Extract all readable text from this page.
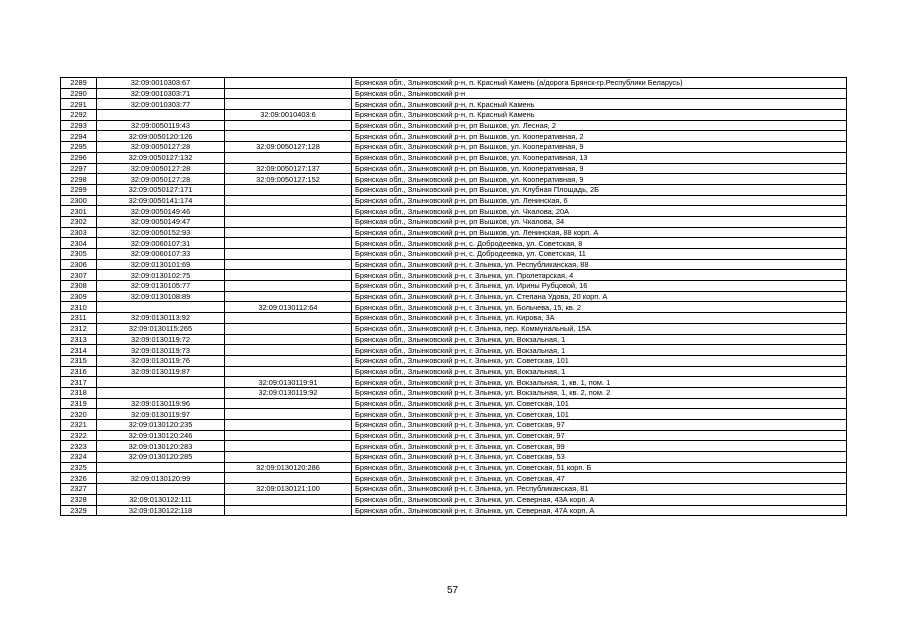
2289	32:09:0010303:67		Брянская обл., Злынковский р-н, п. Красный Камень (а/дорога Брянск-гр.Республики Беларусь)
2290	32:09:0010303:71		Брянская обл., Злынковский р-н
2291	32:09:0010303:77		Брянская обл., Злынковский р-н, п. Красный Камень
2292		32:09:0010403:6	Брянская обл., Злынковский р-н, п. Красный Камень
2293	32:09:0050119:43		Брянская обл., Злынковский р-н, рп Вышков, ул. Лесная, 2
2294	32:09:0050120:126		Брянская обл., Злынковский р-н, рп Вышков, ул. Кооперативная, 2
2295	32:09:0050127:28	32:09:0050127:128	Брянская обл., Злынковский р-н, рп Вышков, ул. Кооперативная, 9
2296	32:09:0050127:132		Брянская обл., Злынковский р-н, рп Вышков, ул. Кооперативная, 13
2297	32:09:0050127:28	32:09:0050127:137	Брянская обл., Злынковский р-н, рп Вышков, ул. Кооперативная, 9
2298	32:09:0050127:28	32:09:0050127:152	Брянская обл., Злынковский р-н, рп Вышков, ул. Кооперативная, 9
2299	32:09:0050127:171		Брянская обл., Злынковский р-н, рп Вышков, ул. Клубная Площадь, 2Б
2300	32:09:0050141:174		Брянская обл., Злынковский р-н, рп Вышков, ул. Ленинская, 6
2301	32:09:0050149:46		Брянская обл., Злынковский р-н, рп Вышков, ул. Чкалова, 20А
2302	32:09:0050149:47		Брянская обл., Злынковский р-н, рп Вышков, ул. Чкалова, 34
2303	32:09:0050152:93		Брянская обл., Злынковский р-н, рп Вышков, ул. Ленинская, 88 корп. А
2304	32:09:0060107:31		Брянская обл., Злынковский р-н, с. Добродеевка, ул. Советская, 8
2305	32:09:0060107:33		Брянская обл., Злынковский р-н, с. Добродеевка, ул. Советская, 11
2306	32:09:0130101:69		Брянская обл., Злынковский р-н, г. Злынка, ул. Республиканская, 88
2307	32:09:0130102:75		Брянская обл., Злынковский р-н, г. Злынка, ул. Пролетарская, 4
2308	32:09:0130105:77		Брянская обл., Злынковский р-н, г. Злынка, ул. Ирины Рубцовой, 16
2309	32:09:0130108:89		Брянская обл., Злынковский р-н, г. Злынка, ул. Степана Удова, 20 корп. А
2310		32:09:0130112:64	Брянская обл., Злынковский р-н, г. Злынка, ул. Больчева, 15, кв. 2
2311	32:09:0130113:92		Брянская обл., Злынковский р-н, г. Злынка, ул. Кирова, 3А
2312	32:09:0130115:265		Брянская обл., Злынковский р-н, г. Злынка, пер. Коммунальный, 15А
2313	32:09:0130119:72		Брянская обл., Злынковский р-н, г. Злынка, ул. Вокзальная, 1
2314	32:09:0130119:73		Брянская обл., Злынковский р-н, г. Злынка, ул. Вокзальная, 1
2315	32:09:0130119:76		Брянская обл., Злынковский р-н, г. Злынка, ул. Советская, 101
2316	32:09:0130119:87		Брянская обл., Злынковский р-н, г. Злынка, ул. Вокзальная, 1
2317		32:09:0130119:91	Брянская обл., Злынковский р-н, г. Злынка, ул. Вокзальная, 1, кв. 1, пом. 1
2318		32:09:0130119:92	Брянская обл., Злынковский р-н, г. Злынка, ул. Вокзальная, 1, кв. 2, пом. 2
2319	32:09:0130119:96		Брянская обл., Злынковский р-н, г. Злынка, ул. Советская, 101
2320	32:09:0130119:97		Брянская обл., Злынковский р-н, г. Злынка, ул. Советская, 101
2321	32:09:0130120:235		Брянская обл., Злынковский р-н, г. Злынка, ул. Советская, 97
2322	32:09:0130120:246		Брянская обл., Злынковский р-н, г. Злынка, ул. Советская, 97
2323	32:09:0130120:283		Брянская обл., Злынковский р-н, г. Злынка, ул. Советская, 99
2324	32:09:0130120:285		Брянская обл., Злынковский р-н, г. Злынка, ул. Советская, 53
2325		32:09:0130120:286	Брянская обл., Злынковский р-н, г. Злынка, ул. Советская, 51 корп. Б
2326	32:09:0130120:99		Брянская обл., Злынковский р-н, г. Злынка, ул. Советская, 47
2327		32:09:0130121:100	Брянская обл., Злынковский р-н, г. Злынка, ул. Республиканская, 81
2328	32:09:0130122:111		Брянская обл., Злынковский р-н, г. Злынка, ул. Северная, 43А корп. А
2329	32:09:0130122:118		Брянская обл., Злынковский р-н, г. Злынка, ул. Северная, 47А корп. А
57
